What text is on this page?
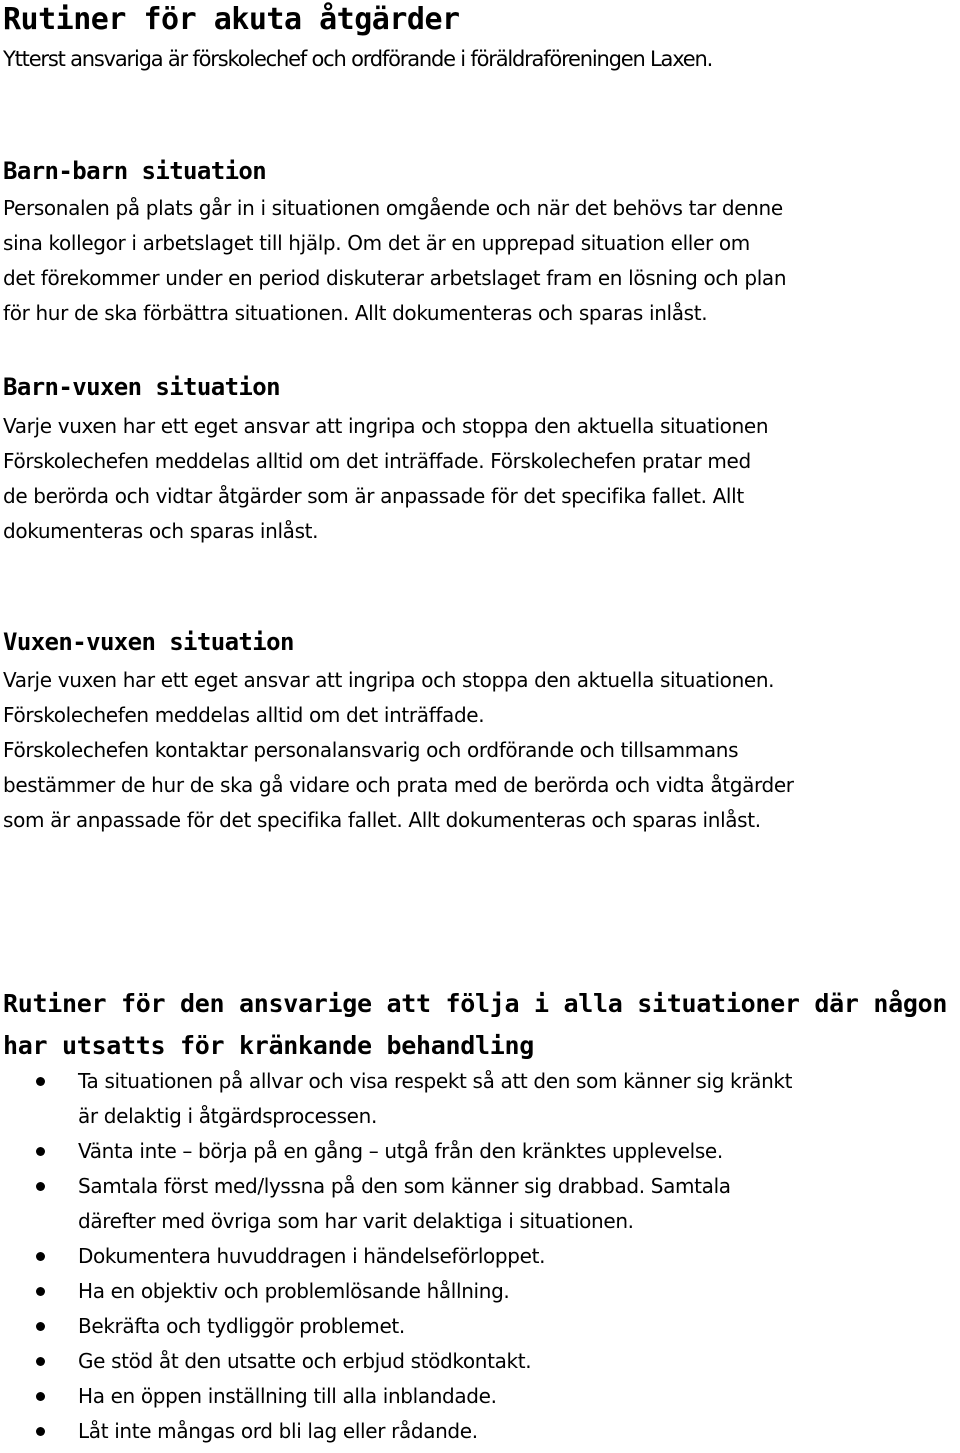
Rutiner för akuta åtgärder
Ytterst ansvariga är förskolechef och ordförande i föräldraföreningen Laxen.
Barn-barn situation
Personalen på plats går in i situationen omgående och när det behövs tar denne
sina kollegor i arbetslaget till hjälp. Om det är en upprepad situation eller om
det förekommer under en period diskuterar arbetslaget fram en lösning och plan
för hur de ska förbättra situationen. Allt dokumenteras och sparas inlåst.
Barn-vuxen situation
Varje vuxen har ett eget ansvar att ingripa och stoppa den aktuella situationen
Förskolechefen meddelas alltid om det inträffade. Förskolechefen pratar med
de berörda och vidtar åtgärder som är anpassade för det specifika fallet. Allt
dokumenteras och sparas inlåst.
Vuxen-vuxen situation
Varje vuxen har ett eget ansvar att ingripa och stoppa den aktuella situationen.
Förskolechefen meddelas alltid om det inträffade.
Förskolechefen kontaktar personalansvarig och ordförande och tillsammans
bestämmer de hur de ska gå vidare och prata med de berörda och vidta åtgärder
som är anpassade för det specifika fallet. Allt dokumenteras och sparas inlåst.
Rutiner för den ansvarige att följa i alla situationer där någon
har utsatts för kränkande behandling
Ta situationen på allvar och visa respekt så att den som känner sig kränkt
är delaktig i åtgärdsprocessen.
Vänta inte – börja på en gång – utgå från den kränktes upplevelse.
Samtala först med/lyssna på den som känner sig drabbad. Samtala
därefter med övriga som har varit delaktiga i situationen.
Dokumentera huvuddragen i händelseförloppet.
Ha en objektiv och problemlösande hållning.
Bekräfta och tydliggör problemet.
Ge stöd åt den utsatte och erbjud stödkontakt.
Ha en öppen inställning till alla inblandade.
Låt inte mångas ord bli lag eller rådande.
